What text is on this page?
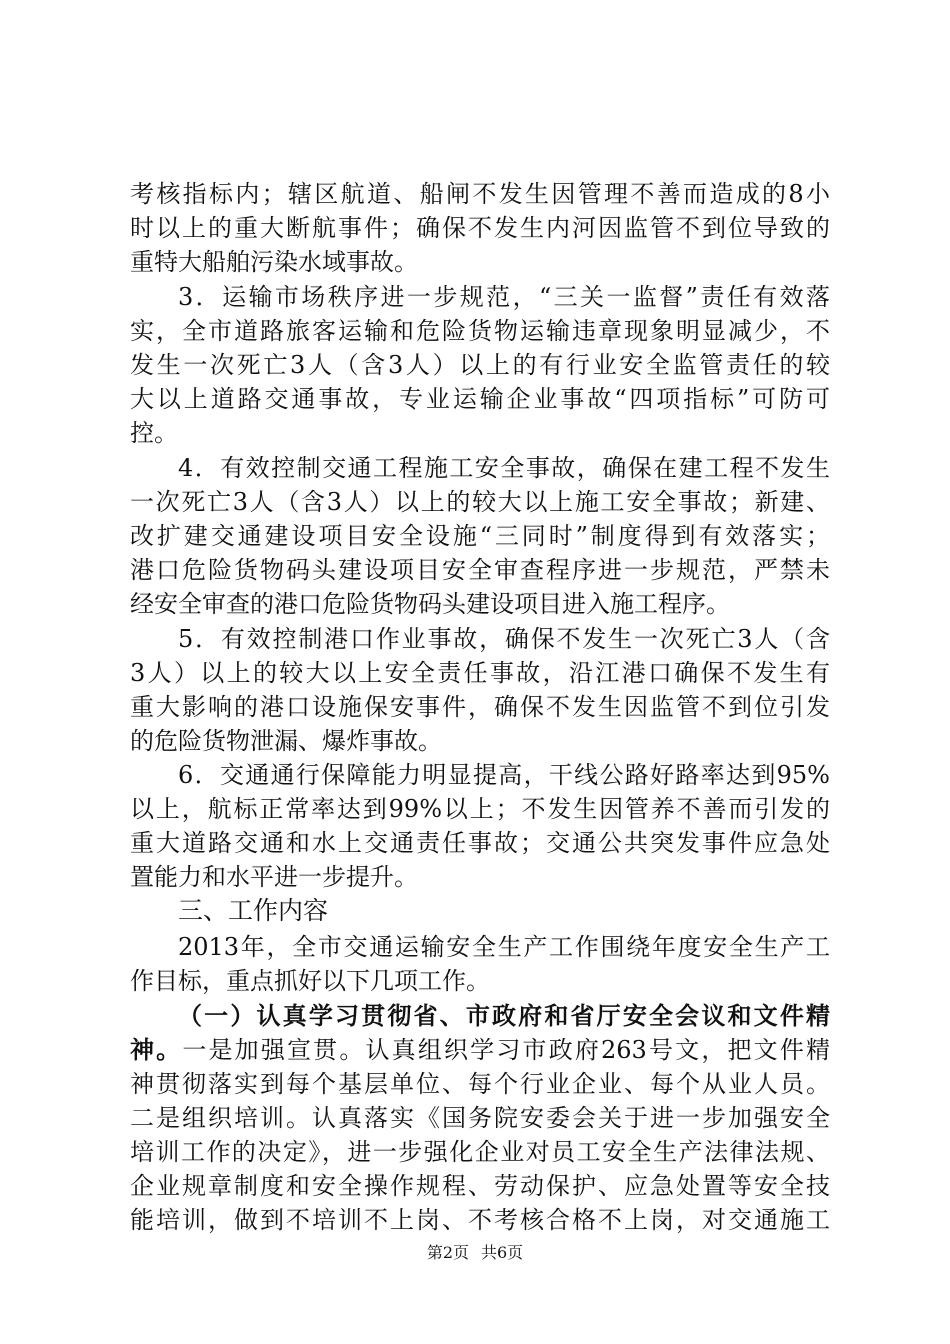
考核指标内；辖区航道、船闸不发生因管理不善而造成的8小
时以上的重大断航事件；确保不发生内河因监管不到位导致的
重特大船舶污染水域事故。
3．运输市场秩序进一步规范，“三关一监督”责任有效落
实，全市道路旅客运输和危险货物运输违章现象明显减少，不
发生一次死亡3人（含3人）以上的有行业安全监管责任的较
大以上道路交通事故，专业运输企业事故“四项指标”可防可
控。
4．有效控制交通工程施工安全事故，确保在建工程不发生
一次死亡3人（含3人）以上的较大以上施工安全事故；新建、
改扩建交通建设项目安全设施“三同时”制度得到有效落实；
港口危险货物码头建设项目安全审查程序进一步规范，严禁未
经安全审查的港口危险货物码头建设项目进入施工程序。
5．有效控制港口作业事故，确保不发生一次死亡3人（含
3人）以上的较大以上安全责任事故，沿江港口确保不发生有
重大影响的港口设施保安事件，确保不发生因监管不到位引发
的危险货物泄漏、爆炸事故。
6．交通通行保障能力明显提高，干线公路好路率达到95%
以上，航标正常率达到99%以上；不发生因管养不善而引发的
重大道路交通和水上交通责任事故；交通公共突发事件应急处
置能力和水平进一步提升。
三、工作内容
2013年，全市交通运输安全生产工作围绕年度安全生产工
作目标，重点抓好以下几项工作。
（一）认真学习贯彻省、市政府和省厅安全会议和文件精
神。一是加强宣贯。认真组织学习市政府263号文，把文件精
神贯彻落实到每个基层单位、每个行业企业、每个从业人员。
二是组织培训。认真落实《国务院安委会关于进一步加强安全
培训工作的决定》，进一步强化企业对员工安全生产法律法规、
企业规章制度和安全操作规程、劳动保护、应急处置等安全技
能培训，做到不培训不上岗、不考核合格不上岗，对交通施工
第2页 共6页
